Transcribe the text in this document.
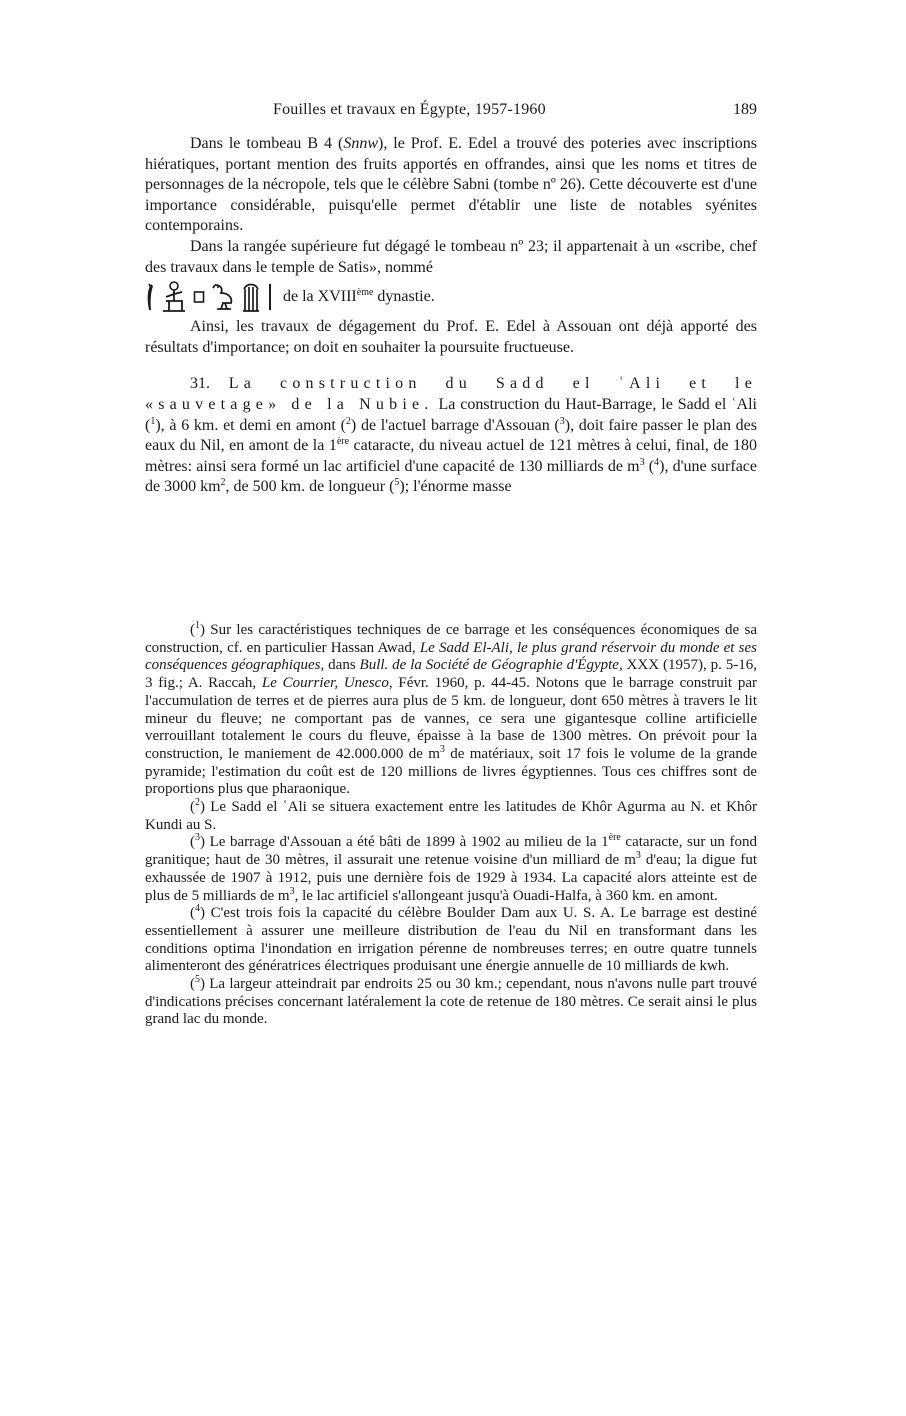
Fouilles et travaux en Égypte, 1957-1960	189

Dans le tombeau B 4 (Snnw), le Prof. E. Edel a trouvé des poteries avec inscriptions hiératiques, portant mention des fruits apportés en offrandes, ainsi que les noms et titres de personnages de la nécropole, tels que le célèbre Sabni (tombe nº 26). Cette découverte est d'une importance considérable, puisqu'elle permet d'établir une liste de notables syénites contemporains.

Dans la rangée supérieure fut dégagé le tombeau nº 23; il appartenait à un «scribe, chef des travaux dans le temple de Satis», nommé

de la XVIIIème dynastie.

Ainsi, les travaux de dégagement du Prof. E. Edel à Assouan ont déjà apporté des résultats d'importance; on doit en souhaiter la poursuite fructueuse.

31. La construction du Sadd el ʿAli et le «sauvetage» de la Nubie. La construction du Haut-Barrage, le Sadd el ʿAli ($^1$), à 6 km. et demi en amont ($^2$) de l'actuel barrage d'Assouan ($^3$), doit faire passer le plan des eaux du Nil, en amont de la 1ère cataracte, du niveau actuel de 121 mètres à celui, final, de 180 mètres: ainsi sera formé un lac artificiel d'une capacité de 130 milliards de $m^3$ ($^4$), d'une surface de 3000 $km^2$, de 500 km. de longueur ($^5$); l'énorme masse

($^1$) Sur les caractéristiques techniques de ce barrage et les conséquences économiques de sa construction, cf. en particulier Hassan Awad, Le Sadd El-Ali, le plus grand réservoir du monde et ses conséquences géographiques, dans Bull. de la Société de Géographie d'Égypte, XXX (1957), p. 5-16, 3 fig.; A. Raccah, Le Courrier, Unesco, Févr. 1960, p. 44-45. Notons que le barrage construit par l'accumulation de terres et de pierres aura plus de 5 km. de longueur, dont 650 mètres à travers le lit mineur du fleuve; ne comportant pas de vannes, ce sera une gigantesque colline artificielle verrouillant totalement le cours du fleuve, épaisse à la base de 1300 mètres. On prévoit pour la construction, le maniement de 42.000.000 de $m^3$ de matériaux, soit 17 fois le volume de la grande pyramide; l'estimation du coût est de 120 millions de livres égyptiennes. Tous ces chiffres sont de proportions plus que pharaonique.

($^2$) Le Sadd el ʿAli se situera exactement entre les latitudes de Khôr Agurma au N. et Khôr Kundi au S.

($^3$) Le barrage d'Assouan a été bâti de 1899 à 1902 au milieu de la 1ère cataracte, sur un fond granitique; haut de 30 mètres, il assurait une retenue voisine d'un milliard de $m^3$ d'eau; la digue fut exhaussée de 1907 à 1912, puis une dernière fois de 1929 à 1934. La capacité alors atteinte est de plus de 5 milliards de $m^3$, le lac artificiel s'allongeant jusqu'à Ouadi-Halfa, à 360 km. en amont.

($^4$) C'est trois fois la capacité du célèbre Boulder Dam aux U. S. A. Le barrage est destiné essentiellement à assurer une meilleure distribution de l'eau du Nil en transformant dans les conditions optima l'inondation en irrigation pérenne de nombreuses terres; en outre quatre tunnels alimenteront des génératrices électriques produisant une énergie annuelle de 10 milliards de kwh.

($^5$) La largeur atteindrait par endroits 25 ou 30 km.; cependant, nous n'avons nulle part trouvé d'indications précises concernant latéralement la cote de retenue de 180 mètres. Ce serait ainsi le plus grand lac du monde.
